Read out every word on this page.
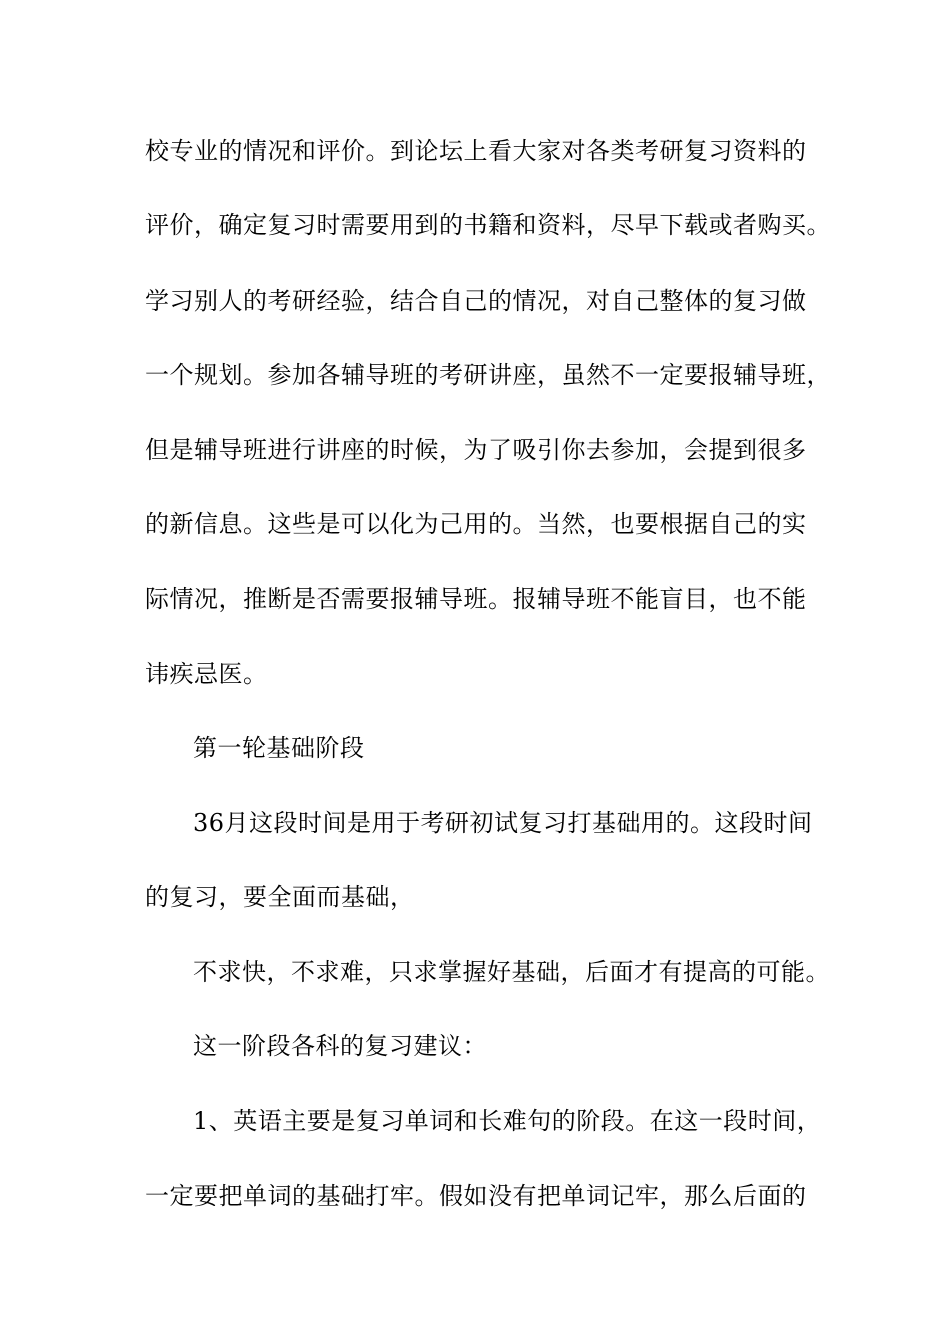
校专业的情况和评价。到论坛上看大家对各类考研复习资料的
评价，确定复习时需要用到的书籍和资料，尽早下载或者购买。
学习别人的考研经验，结合自己的情况，对自己整体的复习做
一个规划。参加各辅导班的考研讲座，虽然不一定要报辅导班，
但是辅导班进行讲座的时候，为了吸引你去参加，会提到很多
的新信息。这些是可以化为己用的。当然，也要根据自己的实
际情况，推断是否需要报辅导班。报辅导班不能盲目，也不能
讳疾忌医。
第一轮基础阶段
36月这段时间是用于考研初试复习打基础用的。这段时间
的复习，要全面而基础，
不求快，不求难，只求掌握好基础，后面才有提高的可能。
这一阶段各科的复习建议：
1、英语主要是复习单词和长难句的阶段。在这一段时间，
一定要把单词的基础打牢。假如没有把单词记牢，那么后面的
